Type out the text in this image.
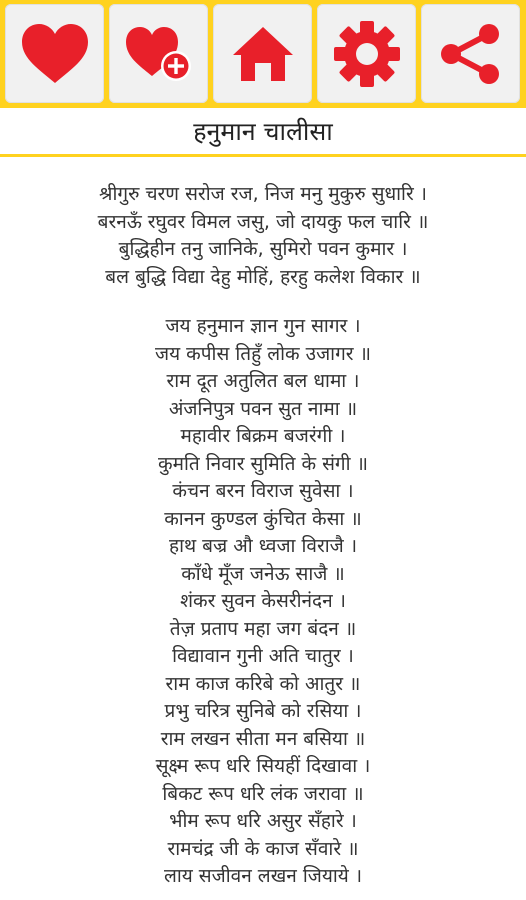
हनुमान चालीसा
श्रीगुरु चरण सरोज रज, निज मनु मुकुरु सुधारि ।
बरनऊँ रघुवर विमल जसु, जो दायकु फल चारि ॥
बुद्धिहीन तनु जानिके, सुमिरो पवन कुमार ।
बल बुद्धि विद्या देहु मोहिं, हरहु कलेश विकार ॥
जय हनुमान ज्ञान गुन सागर ।
जय कपीस तिहुँ लोक उजागर ॥
राम दूत अतुलित बल धामा ।
अंजनिपुत्र पवन सुत नामा ॥
महावीर बिक्रम बजरंगी ।
कुमति निवार सुमिति के संगी ॥
कंचन बरन विराज सुवेसा ।
कानन कुण्डल कुंचित केसा ॥
हाथ बज्र औ ध्वजा विराजै ।
काँधे मूँज जनेऊ साजै ॥
शंकर सुवन केसरीनंदन ।
तेज़ प्रताप महा जग बंदन ॥
विद्यावान गुनी अति चातुर ।
राम काज करिबे को आतुर ॥
प्रभु चरित्र सुनिबे को रसिया ।
राम लखन सीता मन बसिया ॥
सूक्ष्म रूप धरि सियहीं दिखावा ।
बिकट रूप धरि लंक जरावा ॥
भीम रूप धरि असुर सँहारे ।
रामचंद्र जी के काज सँवारे ॥
लाय सजीवन लखन जियाये ।
